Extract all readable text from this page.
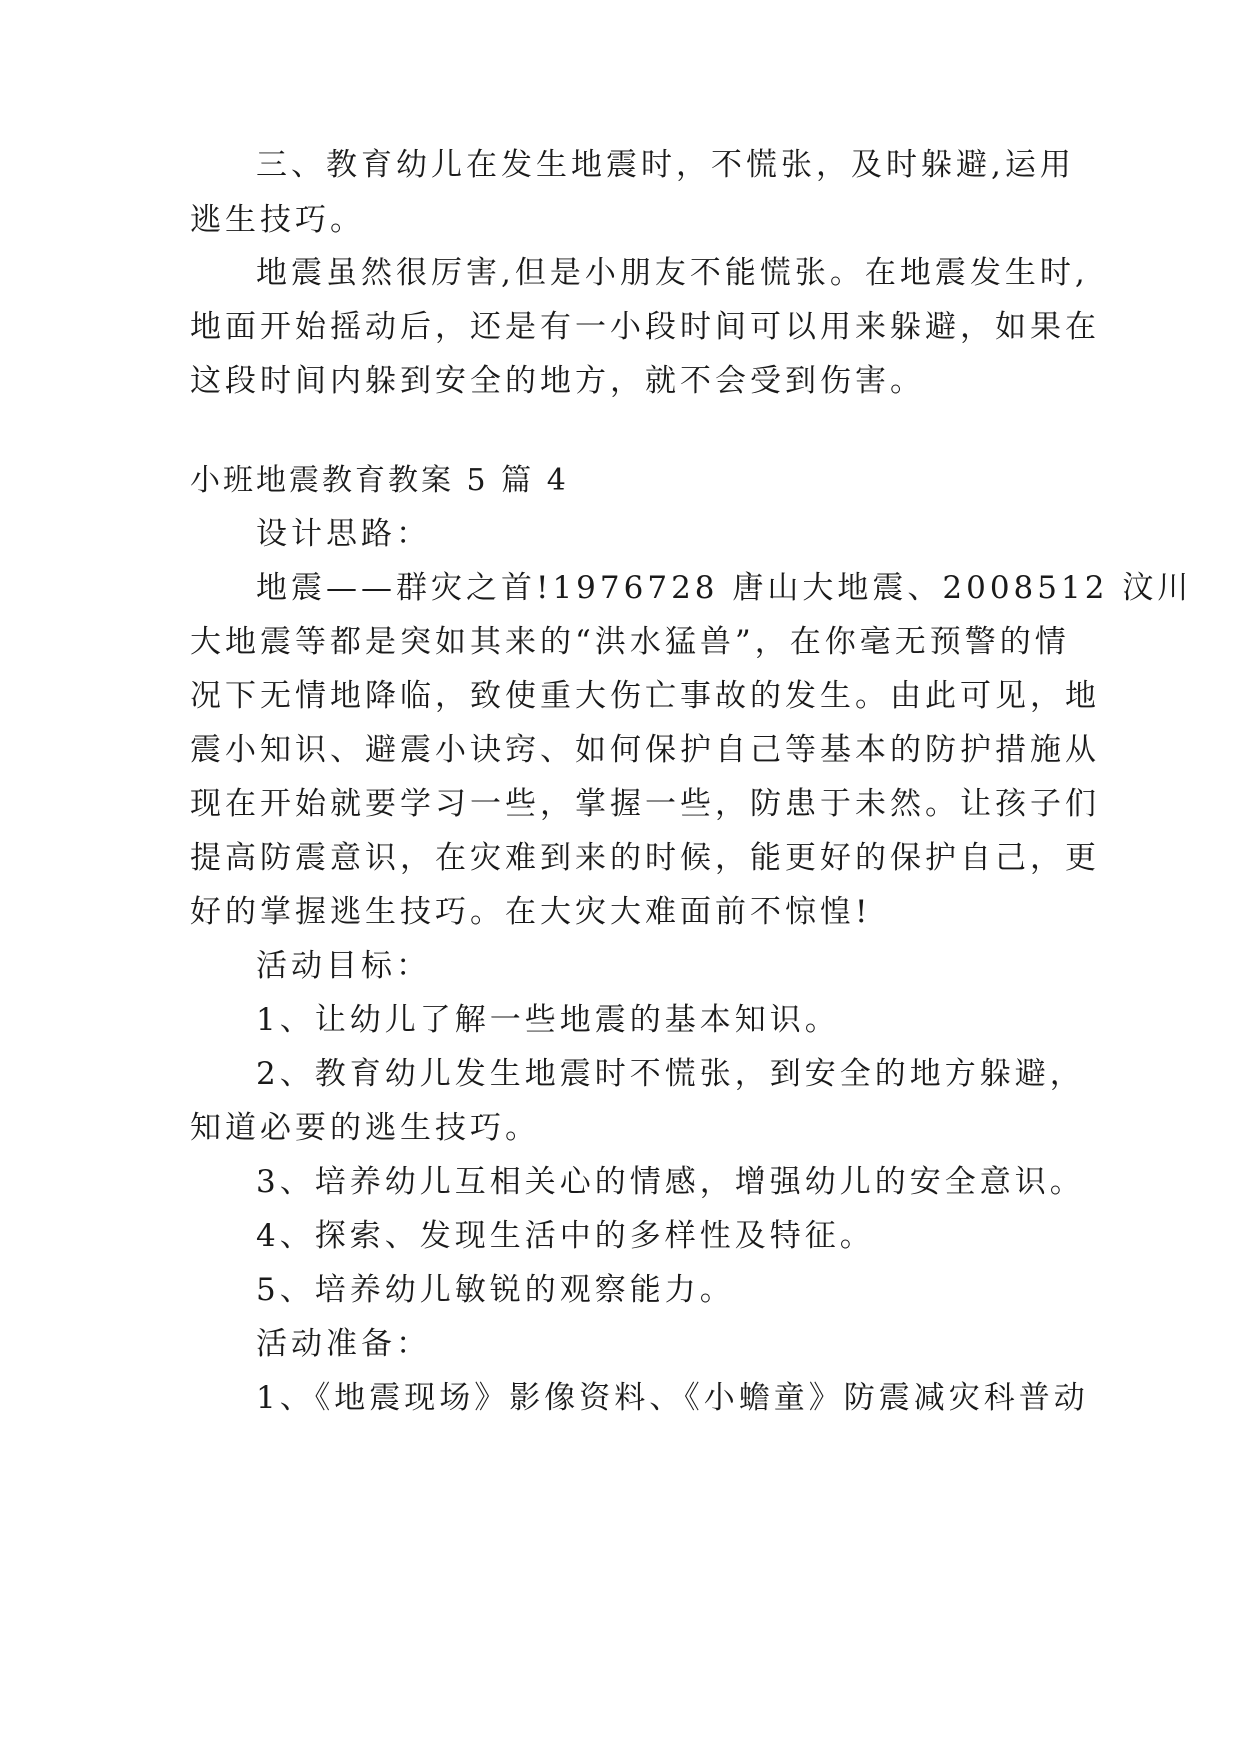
三、教育幼儿在发生地震时，不慌张，及时躲避,运用
逃生技巧。
地震虽然很厉害,但是小朋友不能慌张。在地震发生时,
地面开始摇动后，还是有一小段时间可以用来躲避，如果在
这段时间内躲到安全的地方，就不会受到伤害。
小班地震教育教案 5 篇 4
设计思路：
地震——群灾之首!1976728 唐山大地震、2008512 汶川
大地震等都是突如其来的“洪水猛兽”，在你毫无预警的情
况下无情地降临，致使重大伤亡事故的发生。由此可见，地
震小知识、避震小诀窍、如何保护自己等基本的防护措施从
现在开始就要学习一些，掌握一些，防患于未然。让孩子们
提高防震意识，在灾难到来的时候，能更好的保护自己，更
好的掌握逃生技巧。在大灾大难面前不惊惶!
活动目标：
1、让幼儿了解一些地震的基本知识。
2、教育幼儿发生地震时不慌张，到安全的地方躲避，
知道必要的逃生技巧。
3、培养幼儿互相关心的情感，增强幼儿的安全意识。
4、探索、发现生活中的多样性及特征。
5、培养幼儿敏锐的观察能力。
活动准备：
1、《地震现场》影像资料、《小蟾童》防震减灾科普动
